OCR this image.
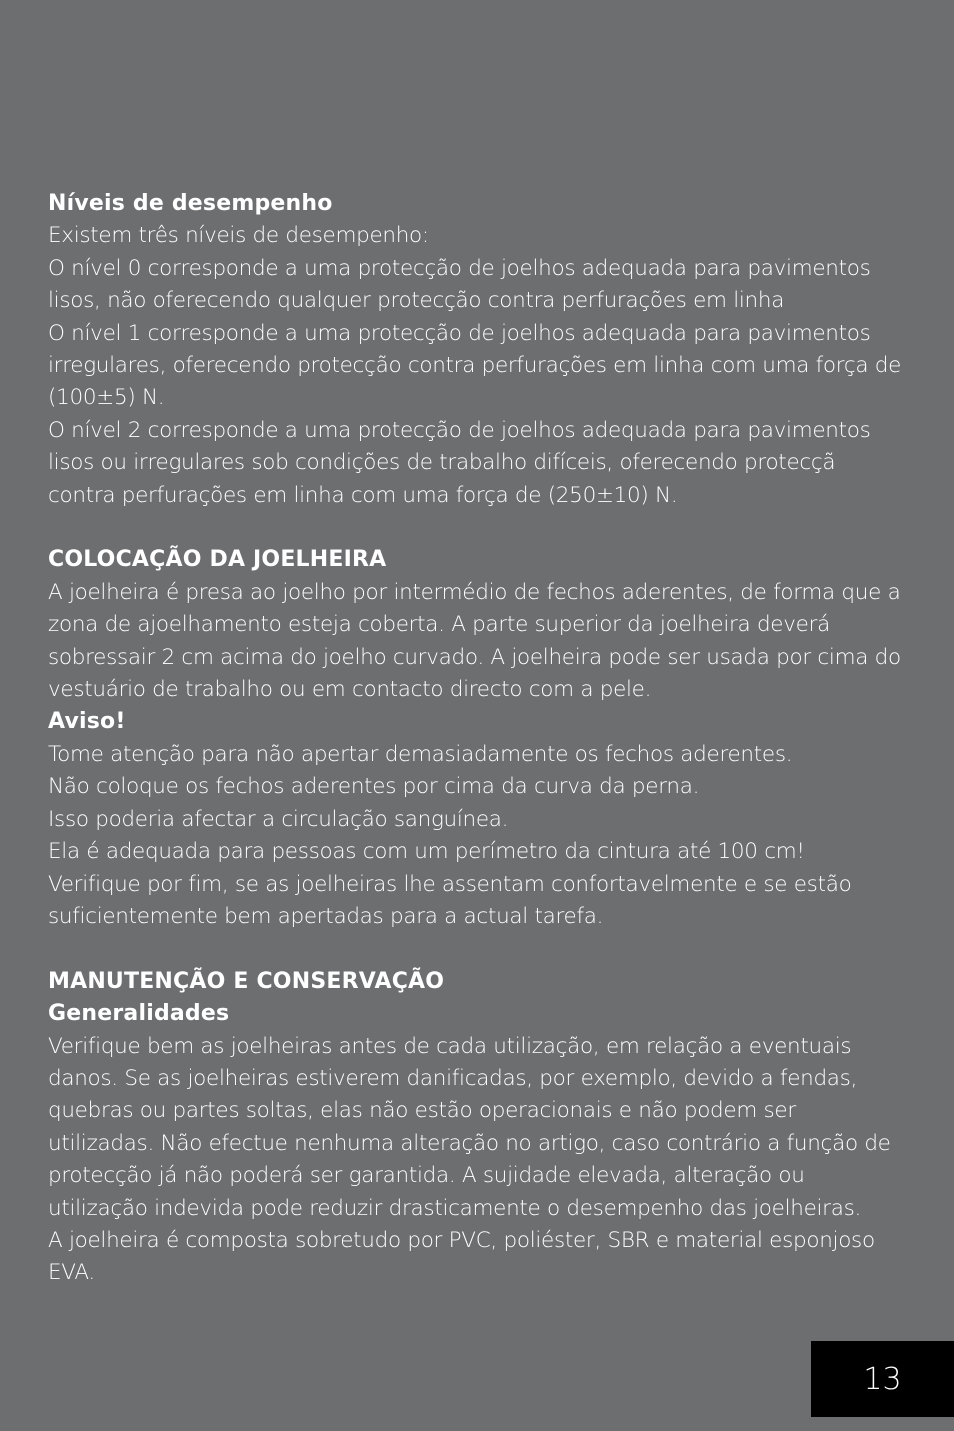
Níveis de desempenho

Existem três níveis de desempenho:

O nível 0 corresponde a uma protecção de joelhos adequada para pavimentos lisos, não oferecendo qualquer protecção contra perfurações em linha

O nível 1 corresponde a uma protecção de joelhos adequada para pavimentos irregulares, oferecendo protecção contra perfurações em linha com uma força de (100±5) N.

O nível 2 corresponde a uma protecção de joelhos adequada para pavimentos lisos ou irregulares sob condições de trabalho difíceis, oferecendo protecçã contra perfurações em linha com uma força de (250±10) N.

COLOCAÇÃO DA JOELHEIRA

A joelheira é presa ao joelho por intermédio de fechos aderentes, de forma que a zona de ajoelhamento esteja coberta. A parte superior da joelheira deverá sobressair 2 cm acima do joelho curvado. A joelheira pode ser usada por cima do vestuário de trabalho ou em contacto directo com a pele.

Aviso!

Tome atenção para não apertar demasiadamente os fechos aderentes.

Não coloque os fechos aderentes por cima da curva da perna.

Isso poderia afectar a circulação sanguínea.

Ela é adequada para pessoas com um perímetro da cintura até 100 cm!

Verifique por fim, se as joelheiras lhe assentam confortavelmente e se estão suficientemente bem apertadas para a actual tarefa.

MANUTENÇÃO E CONSERVAÇÃO

Generalidades

Verifique bem as joelheiras antes de cada utilização, em relação a eventuais danos. Se as joelheiras estiverem danificadas, por exemplo, devido a fendas, quebras ou partes soltas, elas não estão operacionais e não podem ser utilizadas. Não efectue nenhuma alteração no artigo, caso contrário a função de protecção já não poderá ser garantida. A sujidade elevada, alteração ou utilização indevida pode reduzir drasticamente o desempenho das joelheiras.

A joelheira é composta sobretudo por PVC, poliéster, SBR e material esponjoso EVA.

13
